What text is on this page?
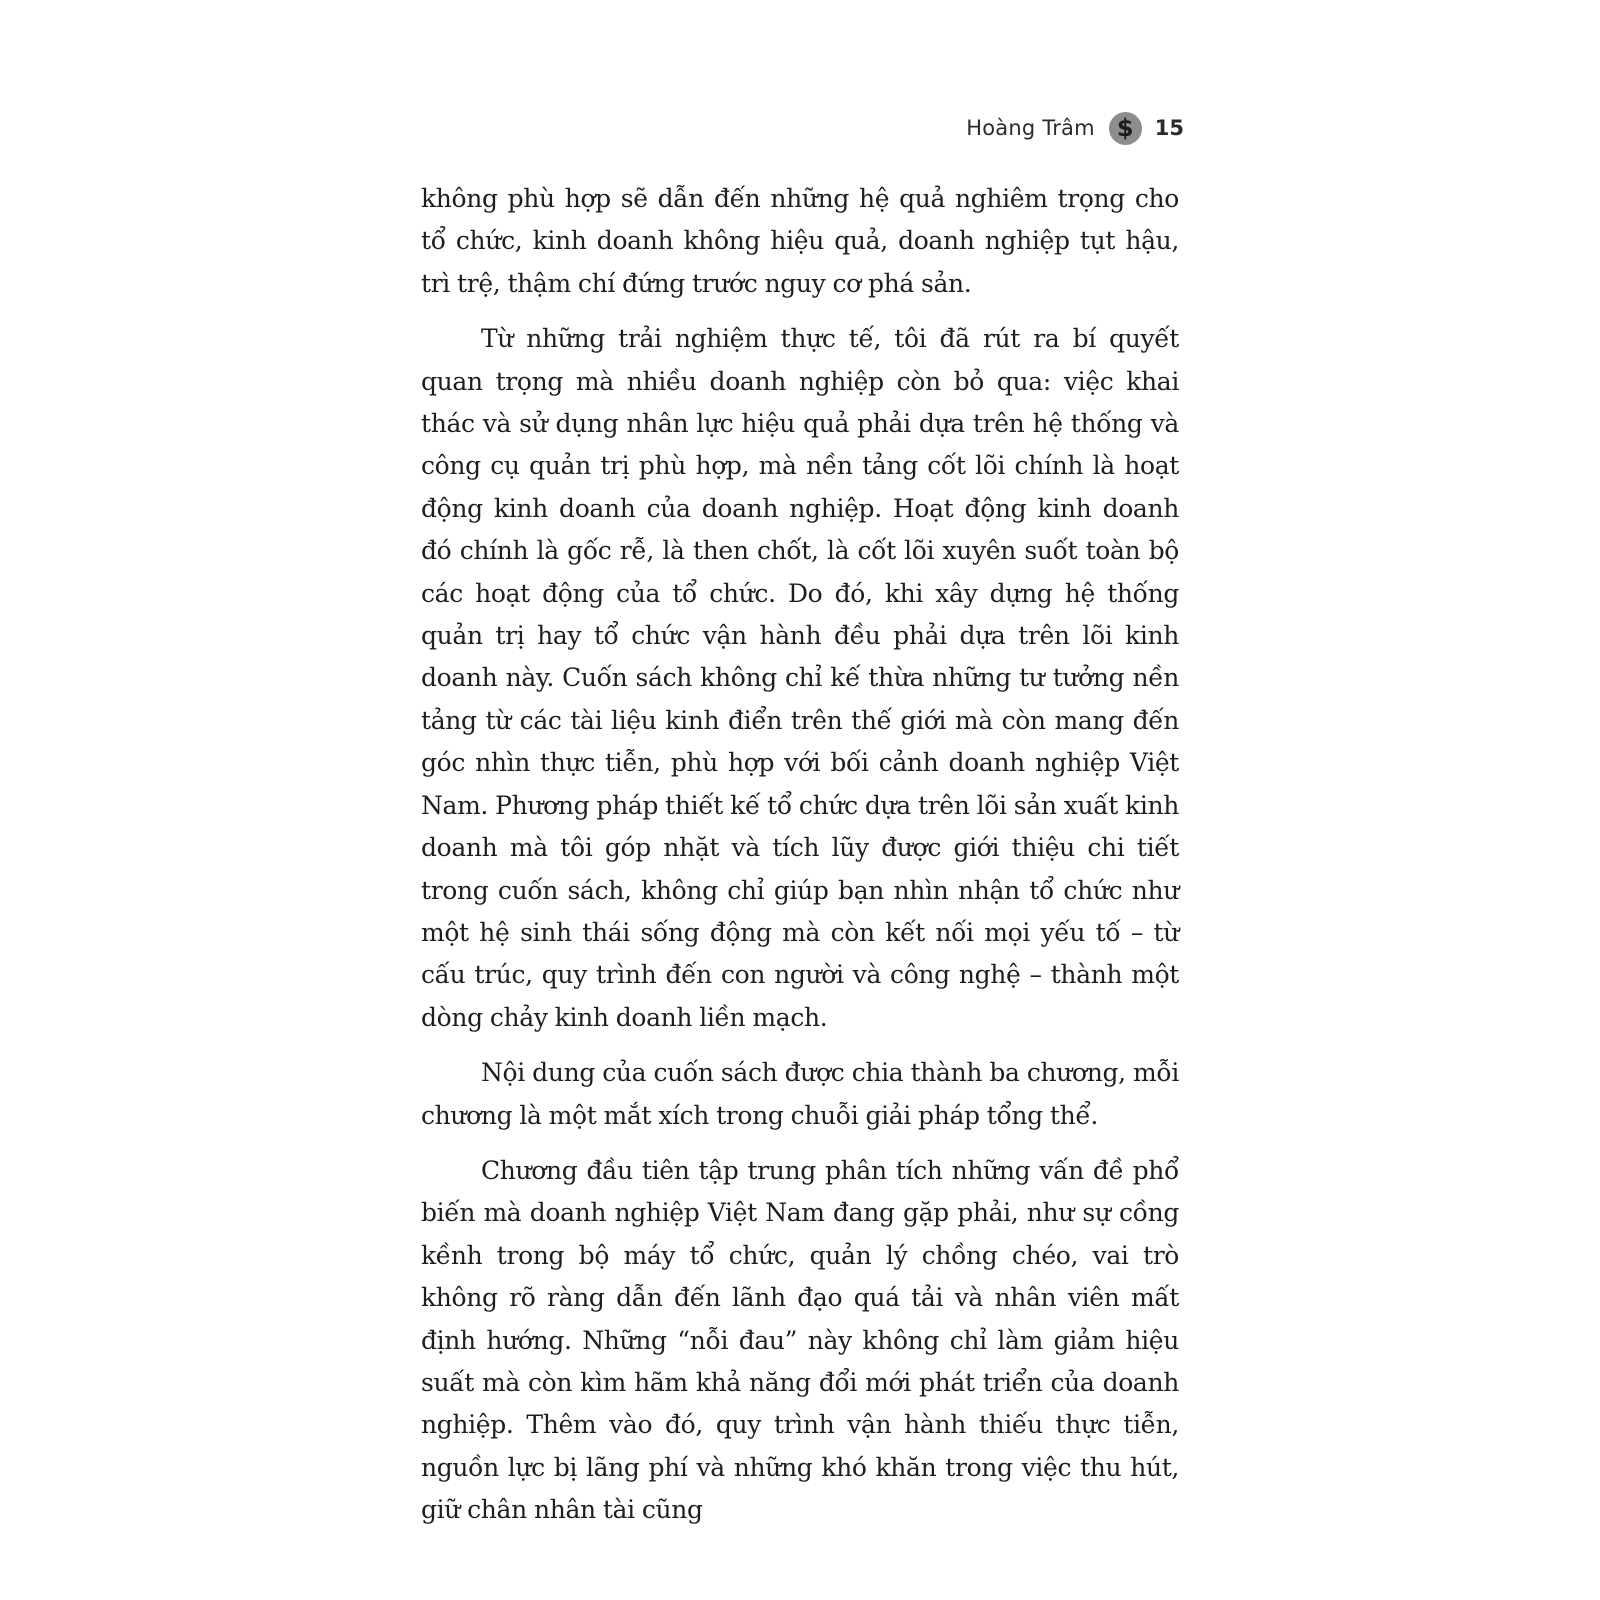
Hoàng Trâm $	15

không phù hợp sẽ dẫn đến những hệ quả nghiêm trọng cho tổ chức, kinh doanh không hiệu quả, doanh nghiệp tụt hậu, trì trệ, thậm chí đứng trước nguy cơ phá sản.

Từ những trải nghiệm thực tế, tôi đã rút ra bí quyết quan trọng mà nhiều doanh nghiệp còn bỏ qua: việc khai thác và sử dụng nhân lực hiệu quả phải dựa trên hệ thống và công cụ quản trị phù hợp, mà nền tảng cốt lõi chính là hoạt động kinh doanh của doanh nghiệp. Hoạt động kinh doanh đó chính là gốc rễ, là then chốt, là cốt lõi xuyên suốt toàn bộ các hoạt động của tổ chức. Do đó, khi xây dựng hệ thống quản trị hay tổ chức vận hành đều phải dựa trên lõi kinh doanh này. Cuốn sách không chỉ kế thừa những tư tưởng nền tảng từ các tài liệu kinh điển trên thế giới mà còn mang đến góc nhìn thực tiễn, phù hợp với bối cảnh doanh nghiệp Việt Nam. Phương pháp thiết kế tổ chức dựa trên lõi sản xuất kinh doanh mà tôi góp nhặt và tích lũy được giới thiệu chi tiết trong cuốn sách, không chỉ giúp bạn nhìn nhận tổ chức như một hệ sinh thái sống động mà còn kết nối mọi yếu tố – từ cấu trúc, quy trình đến con người và công nghệ – thành một dòng chảy kinh doanh liền mạch.

Nội dung của cuốn sách được chia thành ba chương, mỗi chương là một mắt xích trong chuỗi giải pháp tổng thể.

Chương đầu tiên tập trung phân tích những vấn đề phổ biến mà doanh nghiệp Việt Nam đang gặp phải, như sự cồng kềnh trong bộ máy tổ chức, quản lý chồng chéo, vai trò không rõ ràng dẫn đến lãnh đạo quá tải và nhân viên mất định hướng. Những “nỗi đau” này không chỉ làm giảm hiệu suất mà còn kìm hãm khả năng đổi mới phát triển của doanh nghiệp. Thêm vào đó, quy trình vận hành thiếu thực tiễn, nguồn lực bị lãng phí và những khó khăn trong việc thu hút, giữ chân nhân tài cũng
